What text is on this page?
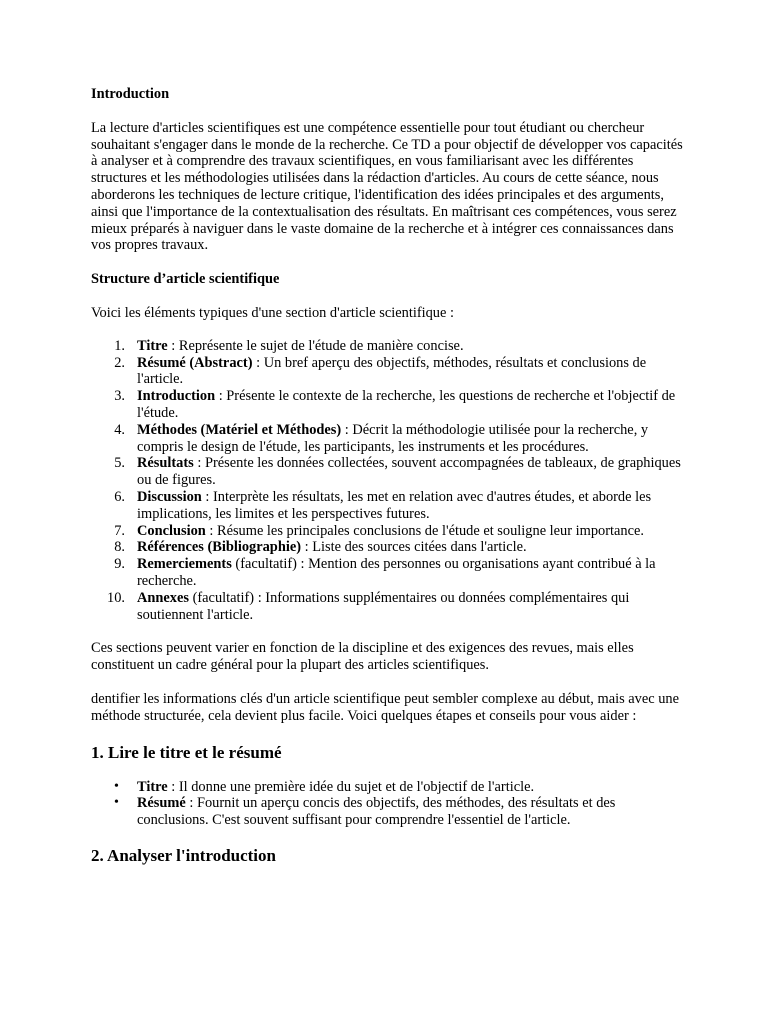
Introduction

La lecture d'articles scientifiques est une compétence essentielle pour tout étudiant ou chercheur souhaitant s'engager dans le monde de la recherche. Ce TD a pour objectif de développer vos capacités à analyser et à comprendre des travaux scientifiques, en vous familiarisant avec les différentes structures et les méthodologies utilisées dans la rédaction d'articles. Au cours de cette séance, nous aborderons les techniques de lecture critique, l'identification des idées principales et des arguments, ainsi que l'importance de la contextualisation des résultats. En maîtrisant ces compétences, vous serez mieux préparés à naviguer dans le vaste domaine de la recherche et à intégrer ces connaissances dans vos propres travaux.

Structure d’article scientifique

Voici les éléments typiques d'une section d'article scientifique :

1. Titre : Représente le sujet de l'étude de manière concise.
2. Résumé (Abstract) : Un bref aperçu des objectifs, méthodes, résultats et conclusions de l'article.
3. Introduction : Présente le contexte de la recherche, les questions de recherche et l'objectif de l'étude.
4. Méthodes (Matériel et Méthodes) : Décrit la méthodologie utilisée pour la recherche, y compris le design de l'étude, les participants, les instruments et les procédures.
5. Résultats : Présente les données collectées, souvent accompagnées de tableaux, de graphiques ou de figures.
6. Discussion : Interprète les résultats, les met en relation avec d'autres études, et aborde les implications, les limites et les perspectives futures.
7. Conclusion : Résume les principales conclusions de l'étude et souligne leur importance.
8. Références (Bibliographie) : Liste des sources citées dans l'article.
9. Remerciements (facultatif) : Mention des personnes ou organisations ayant contribué à la recherche.
10. Annexes (facultatif) : Informations supplémentaires ou données complémentaires qui soutiennent l'article.

Ces sections peuvent varier en fonction de la discipline et des exigences des revues, mais elles constituent un cadre général pour la plupart des articles scientifiques.

dentifier les informations clés d'un article scientifique peut sembler complexe au début, mais avec une méthode structurée, cela devient plus facile. Voici quelques étapes et conseils pour vous aider :

1. Lire le titre et le résumé
• Titre : Il donne une première idée du sujet et de l'objectif de l'article.
• Résumé : Fournit un aperçu concis des objectifs, des méthodes, des résultats et des conclusions. C'est souvent suffisant pour comprendre l'essentiel de l'article.
2. Analyser l'introduction
